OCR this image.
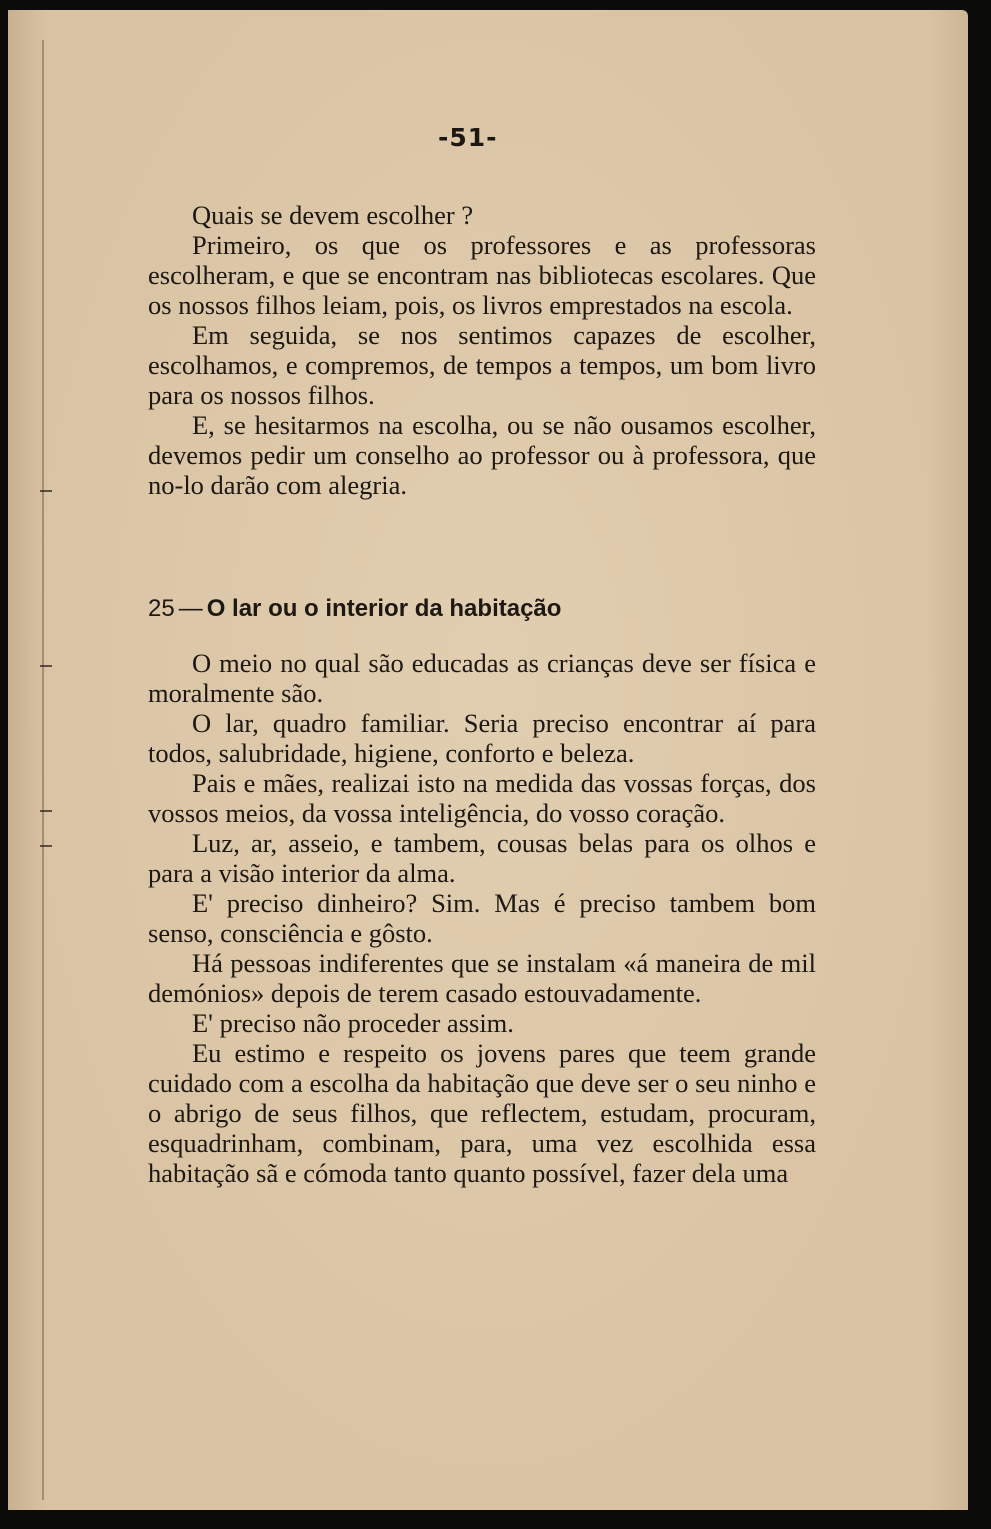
-51-

Quais se devem escolher ?

Primeiro, os que os professores e as professoras escolheram, e que se encontram nas bibliotecas escolares. Que os nossos filhos leiam, pois, os livros emprestados na escola.

Em seguida, se nos sentimos capazes de escolher, escolhamos, e compremos, de tempos a tempos, um bom livro para os nossos filhos.

E, se hesitarmos na escolha, ou se não ousamos escolher, devemos pedir um conselho ao professor ou à professora, que no-lo darão com alegria.

25 — O lar ou o interior da habitação

O meio no qual são educadas as crianças deve ser física e moralmente são.

O lar, quadro familiar. Seria preciso encontrar aí para todos, salubridade, higiene, conforto e beleza.

Pais e mães, realizai isto na medida das vossas forças, dos vossos meios, da vossa inteligência, do vosso coração.

Luz, ar, asseio, e tambem, cousas belas para os olhos e para a visão interior da alma.

E' preciso dinheiro? Sim. Mas é preciso tambem bom senso, consciência e gôsto.

Há pessoas indiferentes que se instalam «á maneira de mil demónios» depois de terem casado estouvadamente.

E' preciso não proceder assim.

Eu estimo e respeito os jovens pares que teem grande cuidado com a escolha da habitação que deve ser o seu ninho e o abrigo de seus filhos, que reflectem, estudam, procuram, esquadrinham, combinam, para, uma vez escolhida essa habitação sã e cómoda tanto quanto possível, fazer dela uma
